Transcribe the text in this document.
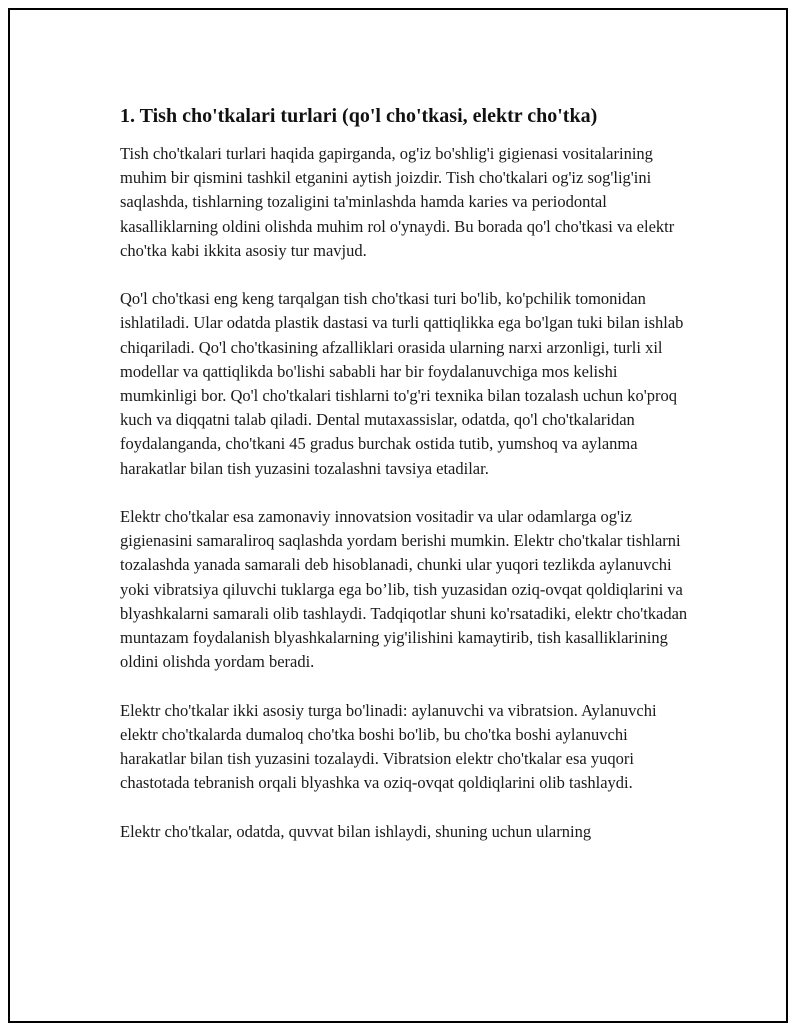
1. Tish cho'tkalari turlari (qo'l cho'tkasi, elektr cho'tka)

Tish cho'tkalari turlari haqida gapirganda, og'iz bo'shlig'i gigienasi vositalarining muhim bir qismini tashkil etganini aytish joizdir. Tish cho'tkalari og'iz sog'lig'ini saqlashda, tishlarning tozaligini ta'minlashda hamda karies va periodontal kasalliklarning oldini olishda muhim rol o'ynaydi. Bu borada qo'l cho'tkasi va elektr cho'tka kabi ikkita asosiy tur mavjud.

Qo'l cho'tkasi eng keng tarqalgan tish cho'tkasi turi bo'lib, ko'pchilik tomonidan ishlatiladi. Ular odatda plastik dastasi va turli qattiqlikka ega bo'lgan tuki bilan ishlab chiqariladi. Qo'l cho'tkasining afzalliklari orasida ularning narxi arzonligi, turli xil modellar va qattiqlikda bo'lishi sababli har bir foydalanuvchiga mos kelishi mumkinligi bor. Qo'l cho'tkalari tishlarni to'g'ri texnika bilan tozalash uchun ko'proq kuch va diqqatni talab qiladi. Dental mutaxassislar, odatda, qo'l cho'tkalaridan foydalanganda, cho'tkani 45 gradus burchak ostida tutib, yumshoq va aylanma harakatlar bilan tish yuzasini tozalashni tavsiya etadilar.

Elektr cho'tkalar esa zamonaviy innovatsion vositadir va ular odamlarga og'iz gigienasini samaraliroq saqlashda yordam berishi mumkin. Elektr cho'tkalar tishlarni tozalashda yanada samarali deb hisoblanadi, chunki ular yuqori tezlikda aylanuvchi yoki vibratsiya qiluvchi tuklarga ega bo’lib, tish yuzasidan oziq-ovqat qoldiqlarini va blyashkalarni samarali olib tashlaydi. Tadqiqotlar shuni ko'rsatadiki, elektr cho'tkadan muntazam foydalanish blyashkalarning yig'ilishini kamaytirib, tish kasalliklarining oldini olishda yordam beradi.

Elektr cho'tkalar ikki asosiy turga bo'linadi: aylanuvchi va vibratsion. Aylanuvchi elektr cho'tkalarda dumaloq cho'tka boshi bo'lib, bu cho'tka boshi aylanuvchi harakatlar bilan tish yuzasini tozalaydi. Vibratsion elektr cho'tkalar esa yuqori chastotada tebranish orqali blyashka va oziq-ovqat qoldiqlarini olib tashlaydi.

Elektr cho'tkalar, odatda, quvvat bilan ishlaydi, shuning uchun ularning
